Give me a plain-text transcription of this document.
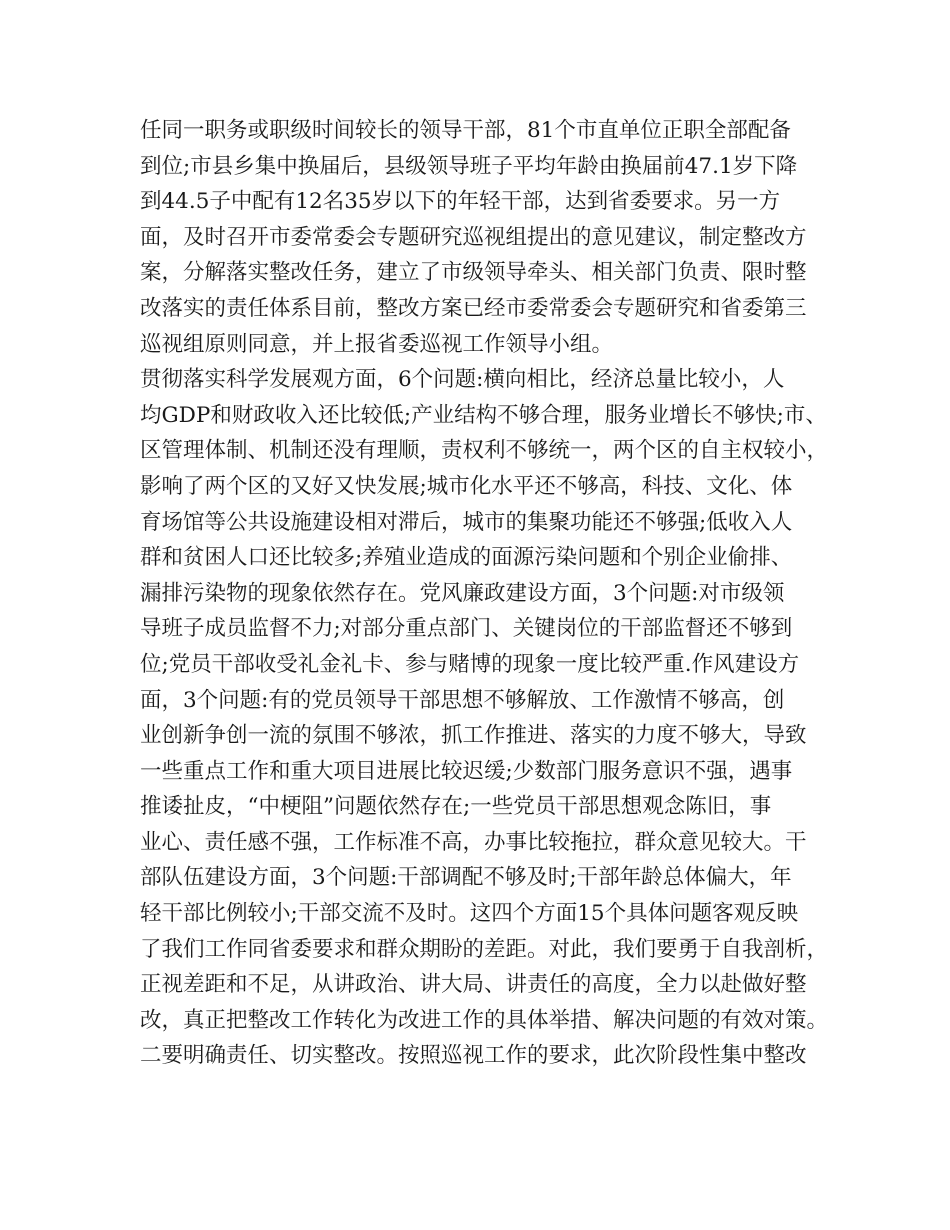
任同一职务或职级时间较长的领导干部，81个市直单位正职全部配备
到位;市县乡集中换届后，县级领导班子平均年龄由换届前47.1岁下降
到44.5子中配有12名35岁以下的年轻干部，达到省委要求。另一方
面，及时召开市委常委会专题研究巡视组提出的意见建议，制定整改方
案，分解落实整改任务，建立了市级领导牵头、相关部门负责、限时整
改落实的责任体系目前，整改方案已经市委常委会专题研究和省委第三
巡视组原则同意，并上报省委巡视工作领导小组。
贯彻落实科学发展观方面，6个问题:横向相比，经济总量比较小，人
均GDP和财政收入还比较低;产业结构不够合理，服务业增长不够快;市、
区管理体制、机制还没有理顺，责权利不够统一，两个区的自主权较小，
影响了两个区的又好又快发展;城市化水平还不够高，科技、文化、体
育场馆等公共设施建设相对滞后，城市的集聚功能还不够强;低收入人
群和贫困人口还比较多;养殖业造成的面源污染问题和个别企业偷排、
漏排污染物的现象依然存在。党风廉政建设方面，3个问题:对市级领
导班子成员监督不力;对部分重点部门、关键岗位的干部监督还不够到
位;党员干部收受礼金礼卡、参与赌博的现象一度比较严重.作风建设方
面，3个问题:有的党员领导干部思想不够解放、工作激情不够高，创
业创新争创一流的氛围不够浓，抓工作推进、落实的力度不够大，导致
一些重点工作和重大项目进展比较迟缓;少数部门服务意识不强，遇事
推诿扯皮，“中梗阻”问题依然存在;一些党员干部思想观念陈旧，事
业心、责任感不强，工作标准不高，办事比较拖拉，群众意见较大。干
部队伍建设方面，3个问题:干部调配不够及时;干部年龄总体偏大，年
轻干部比例较小;干部交流不及时。这四个方面15个具体问题客观反映
了我们工作同省委要求和群众期盼的差距。对此，我们要勇于自我剖析，
正视差距和不足，从讲政治、讲大局、讲责任的高度，全力以赴做好整
改，真正把整改工作转化为改进工作的具体举措、解决问题的有效对策。
二要明确责任、切实整改。按照巡视工作的要求，此次阶段性集中整改
